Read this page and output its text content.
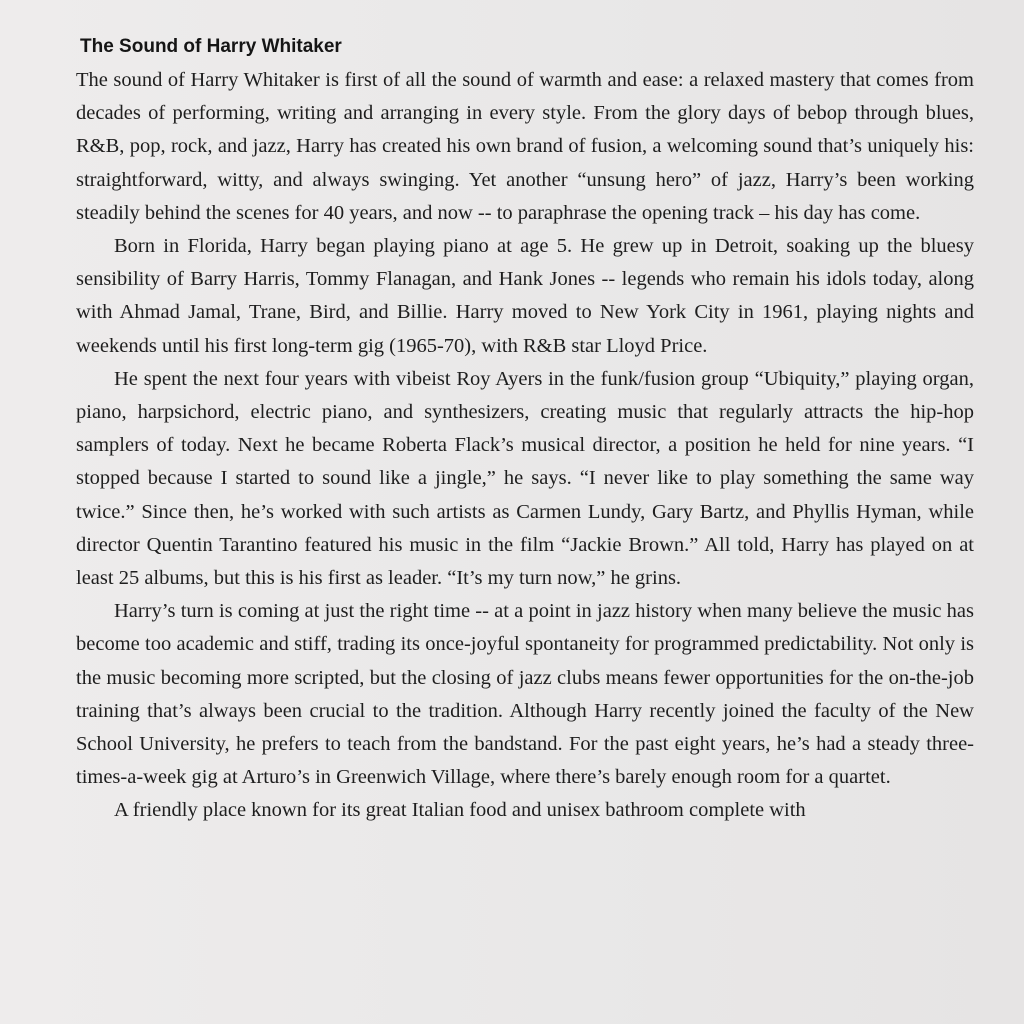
The Sound of Harry Whitaker

The sound of Harry Whitaker is first of all the sound of warmth and ease: a relaxed mastery that comes from decades of performing, writing and arranging in every style. From the glory days of bebop through blues, R&B, pop, rock, and jazz, Harry has created his own brand of fusion, a welcoming sound that’s uniquely his: straightforward, witty, and always swinging. Yet another “unsung hero” of jazz, Harry’s been working steadily behind the scenes for 40 years, and now -- to paraphrase the opening track – his day has come.

Born in Florida, Harry began playing piano at age 5. He grew up in Detroit, soaking up the bluesy sensibility of Barry Harris, Tommy Flanagan, and Hank Jones -- legends who remain his idols today, along with Ahmad Jamal, Trane, Bird, and Billie. Harry moved to New York City in 1961, playing nights and weekends until his first long-term gig (1965-70), with R&B star Lloyd Price.

He spent the next four years with vibeist Roy Ayers in the funk/fusion group “Ubiquity,” playing organ, piano, harpsichord, electric piano, and synthesizers, creating music that regularly attracts the hip-hop samplers of today. Next he became Roberta Flack’s musical director, a position he held for nine years. “I stopped because I started to sound like a jingle,” he says. “I never like to play something the same way twice.” Since then, he’s worked with such artists as Carmen Lundy, Gary Bartz, and Phyllis Hyman, while director Quentin Tarantino featured his music in the film “Jackie Brown.” All told, Harry has played on at least 25 albums, but this is his first as leader. “It’s my turn now,” he grins.

Harry’s turn is coming at just the right time -- at a point in jazz history when many believe the music has become too academic and stiff, trading its once-joyful spontaneity for programmed predictability. Not only is the music becoming more scripted, but the closing of jazz clubs means fewer opportunities for the on-the-job training that’s always been crucial to the tradition. Although Harry recently joined the faculty of the New School University, he prefers to teach from the bandstand. For the past eight years, he’s had a steady three-times-a-week gig at Arturo’s in Greenwich Village, where there’s barely enough room for a quartet.

A friendly place known for its great Italian food and unisex bathroom complete with
